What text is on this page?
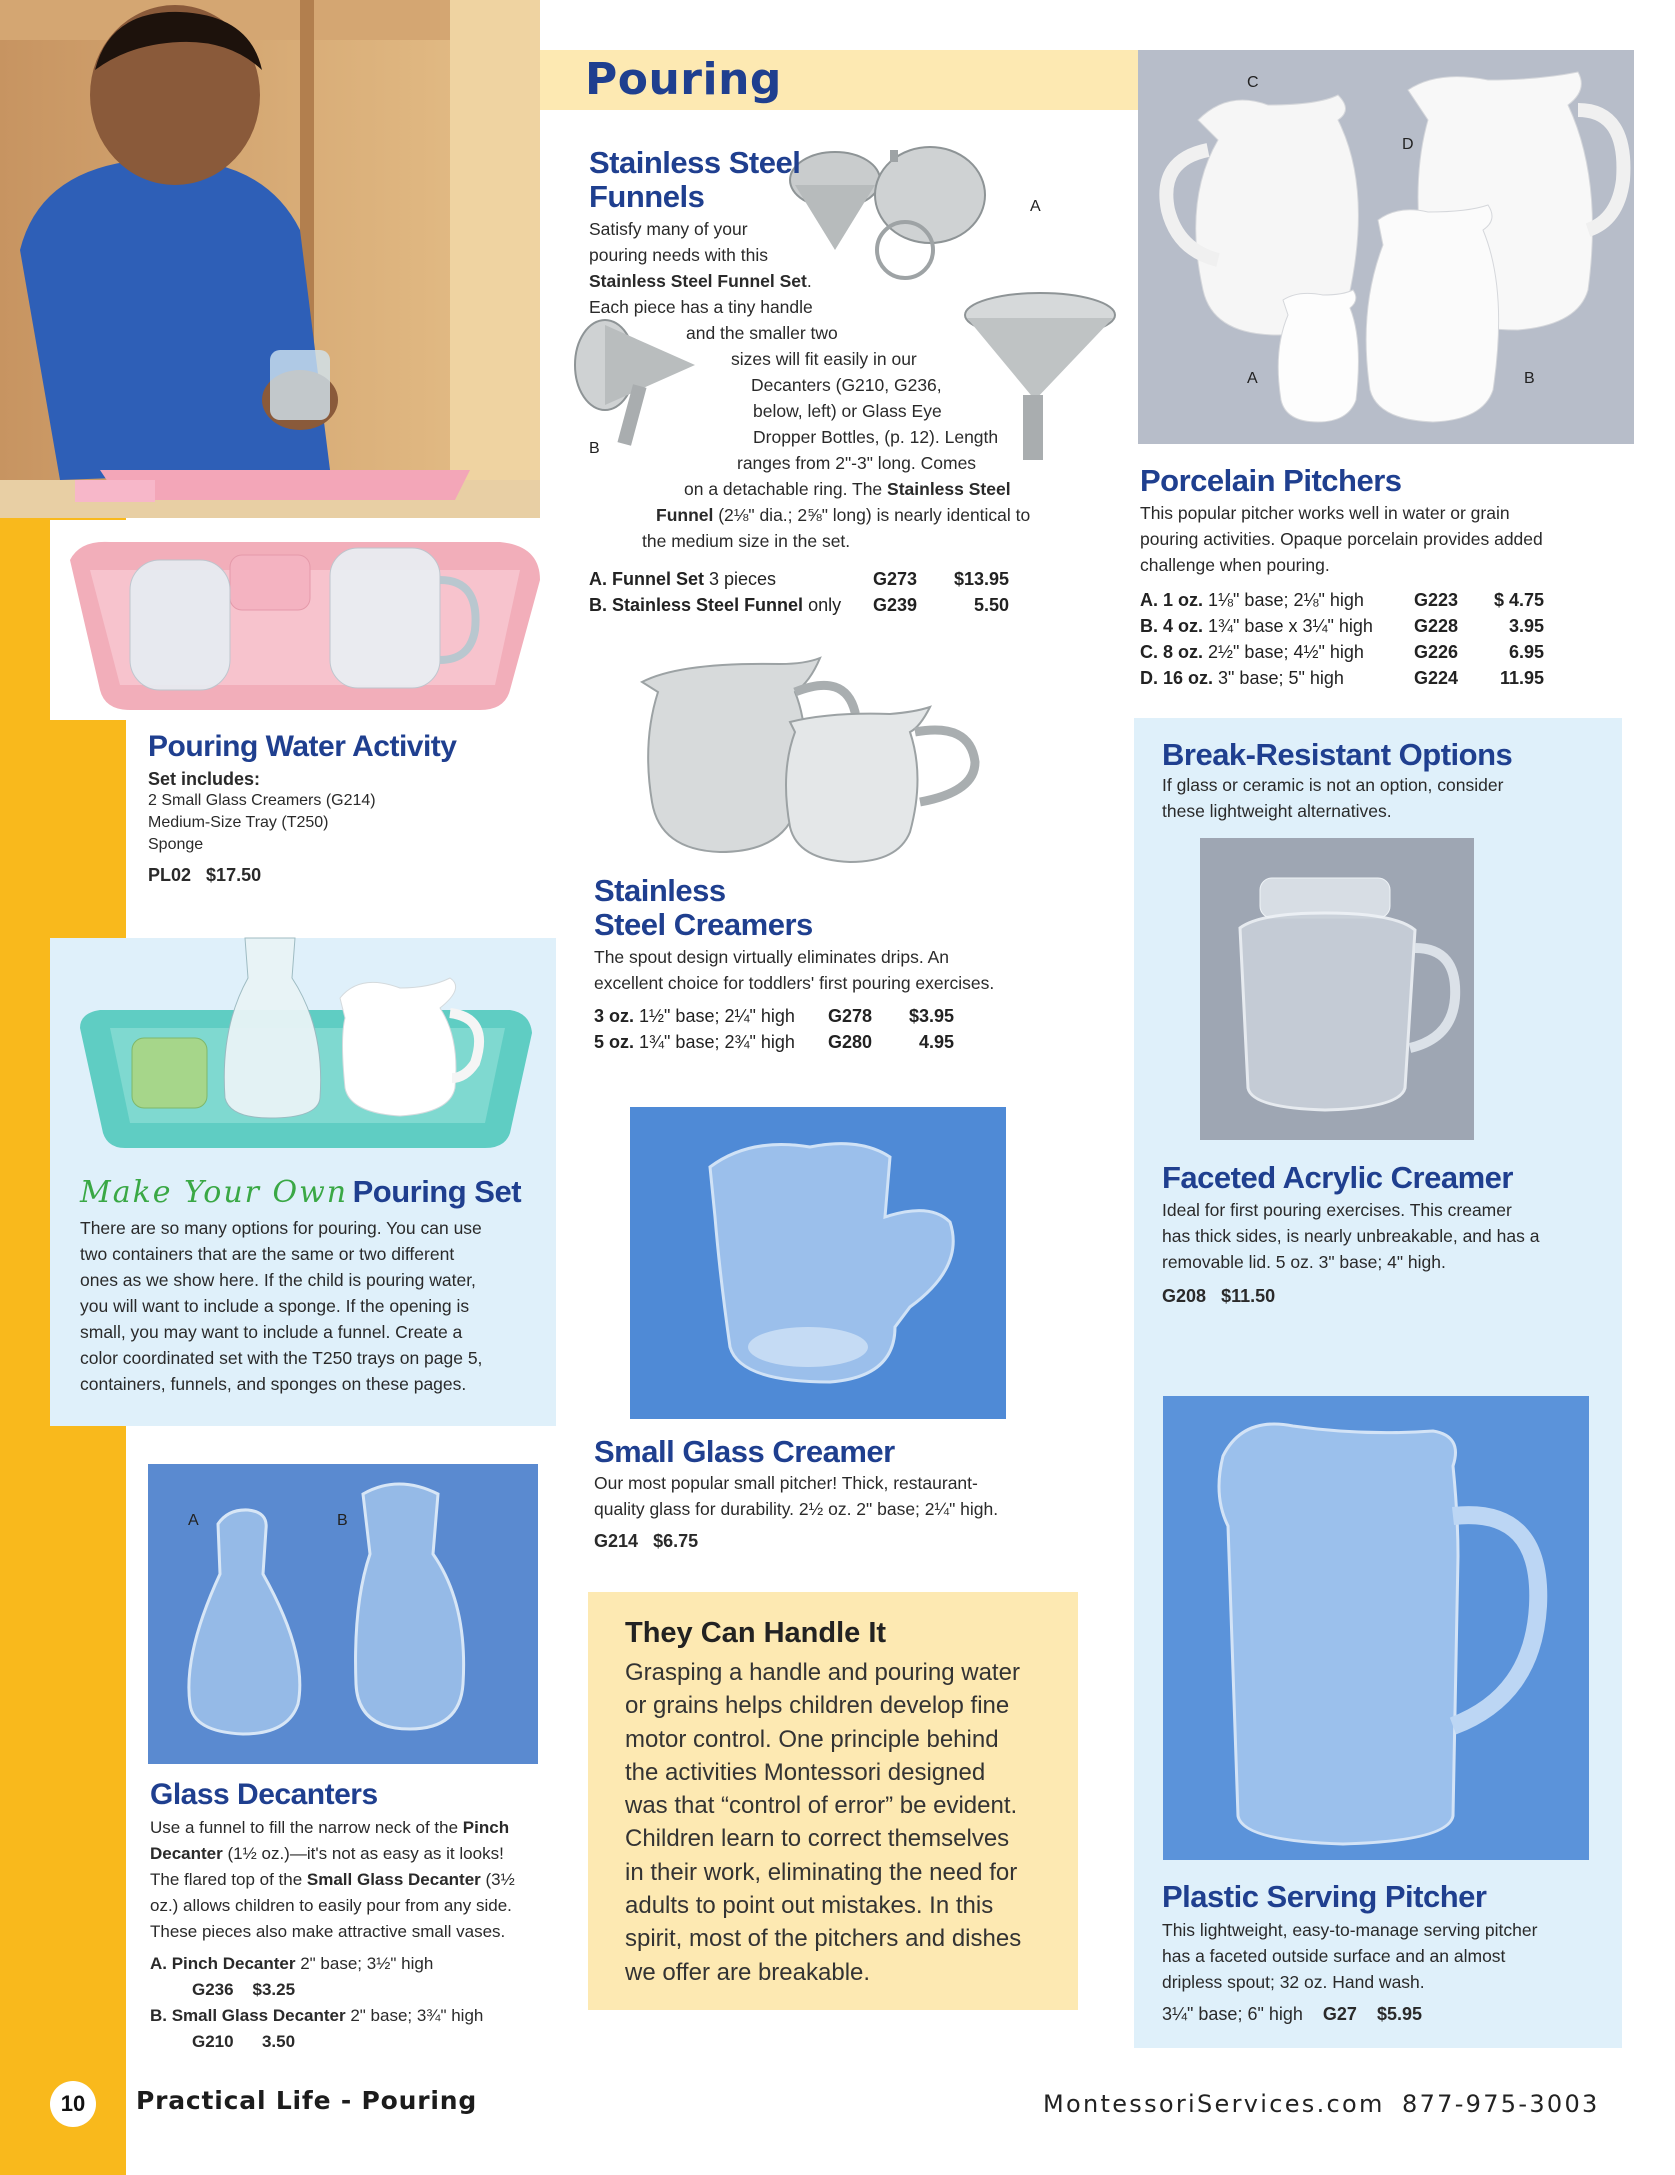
Pouring
Pouring Water Activity
Set includes:
2 Small Glass Creamers (G214)
Medium-Size Tray (T250)
Sponge
PL02 $17.50
Make Your Own Pouring Set
There are so many options for pouring. You can use
two containers that are the same or two different
ones as we show here. If the child is pouring water,
you will want to include a sponge. If the opening is
small, you may want to include a funnel. Create a
color coordinated set with the T250 trays on page 5,
containers, funnels, and sponges on these pages.
A	B
Glass Decanters
Use a funnel to fill the narrow neck of the Pinch
Decanter (1½ oz.)—it's not as easy as it looks!
The flared top of the Small Glass Decanter (3½
oz.) allows children to easily pour from any side.
These pieces also make attractive small vases.
A. Pinch Decanter 2" base; 3½" high
G236 $3.25
B. Small Glass Decanter 2" base; 3¾" high
G210 3.50
Stainless Steel
Funnels	A
B
Satisfy many of your
pouring needs with this
Stainless Steel Funnel Set.
Each piece has a tiny handle
and the smaller two
sizes will fit easily in our
Decanters (G210, G236,
below, left) or Glass Eye
Dropper Bottles, (p. 12). Length
ranges from 2"-3" long. Comes
on a detachable ring. The Stainless Steel
Funnel (2⅛" dia.; 2⅝" long) is nearly identical to
the medium size in the set.
A. Funnel Set 3 pieces	G273	$13.95
B. Stainless Steel Funnel only	G239	5.50
Stainless
Steel Creamers
The spout design virtually eliminates drips. An
excellent choice for toddlers' first pouring exercises.
3 oz. 1½" base; 2¼" high	G278	$3.95
5 oz. 1¾" base; 2¾" high	G280	4.95
Small Glass Creamer
Our most popular small pitcher! Thick, restaurant-
quality glass for durability. 2½ oz. 2" base; 2¼" high.
G214 $6.75
They Can Handle It
Grasping a handle and pouring water
or grains helps children develop fine
motor control. One principle behind
the activities Montessori designed
was that “control of error” be evident.
Children learn to correct themselves
in their work, eliminating the need for
adults to point out mistakes. In this
spirit, most of the pitchers and dishes
we offer are breakable.
C
D
A	B
Porcelain Pitchers
This popular pitcher works well in water or grain
pouring activities. Opaque porcelain provides added
challenge when pouring.
A. 1 oz. 1⅛" base; 2⅛" high	G223	$ 4.75
B. 4 oz. 1¾" base x 3¼" high	G228	3.95
C. 8 oz. 2½" base; 4½" high	G226	6.95
D. 16 oz. 3" base; 5" high	G224	11.95
Break-Resistant Options
If glass or ceramic is not an option, consider
these lightweight alternatives.
Faceted Acrylic Creamer
Ideal for first pouring exercises. This creamer
has thick sides, is nearly unbreakable, and has a
removable lid. 5 oz. 3" base; 4" high.
G208 $11.50
Plastic Serving Pitcher
This lightweight, easy-to-manage serving pitcher
has a faceted outside surface and an almost
dripless spout; 32 oz. Hand wash.
3¼" base; 6" high G27 $5.95
10	Practical Life - Pouring	MontessoriServices.com 877-975-3003
